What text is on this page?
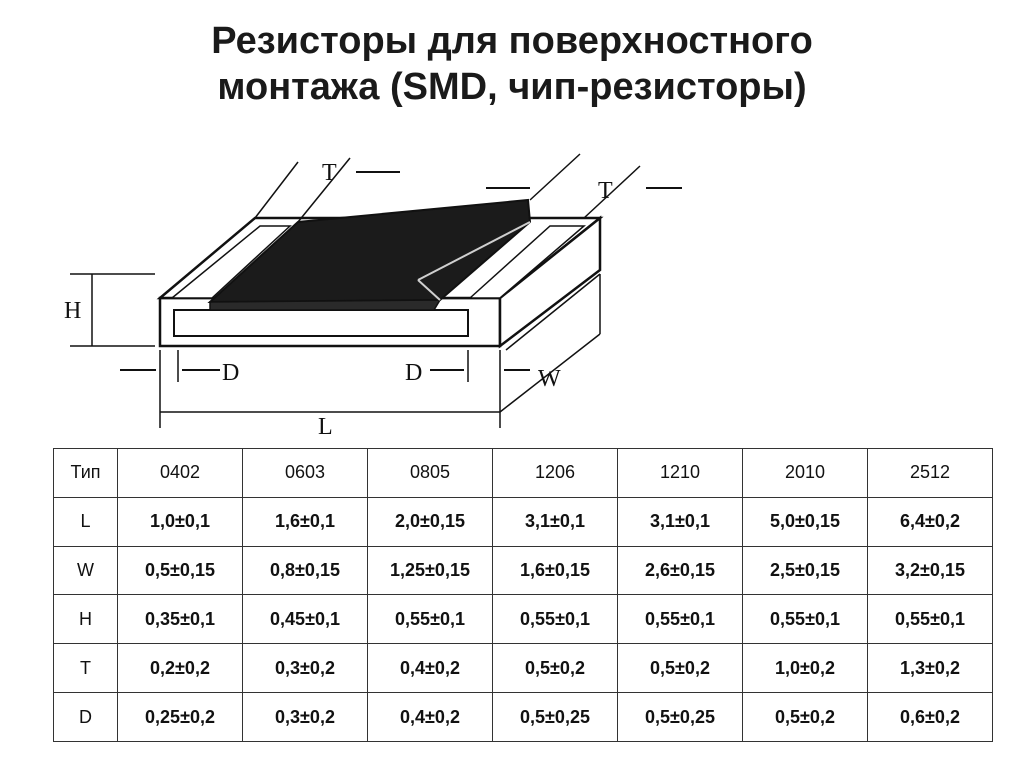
Резисторы для поверхностного
монтажа (SMD, чип-резисторы)
H
D	D
L
W
T
T
Тип	0402	0603	0805	1206	1210	2010	2512
L	1,0±0,1	1,6±0,1	2,0±0,15	3,1±0,1	3,1±0,1	5,0±0,15	6,4±0,2
W	0,5±0,15	0,8±0,15	1,25±0,15	1,6±0,15	2,6±0,15	2,5±0,15	3,2±0,15
H	0,35±0,1	0,45±0,1	0,55±0,1	0,55±0,1	0,55±0,1	0,55±0,1	0,55±0,1
T	0,2±0,2	0,3±0,2	0,4±0,2	0,5±0,2	0,5±0,2	1,0±0,2	1,3±0,2
D	0,25±0,2	0,3±0,2	0,4±0,2	0,5±0,25	0,5±0,25	0,5±0,2	0,6±0,2
